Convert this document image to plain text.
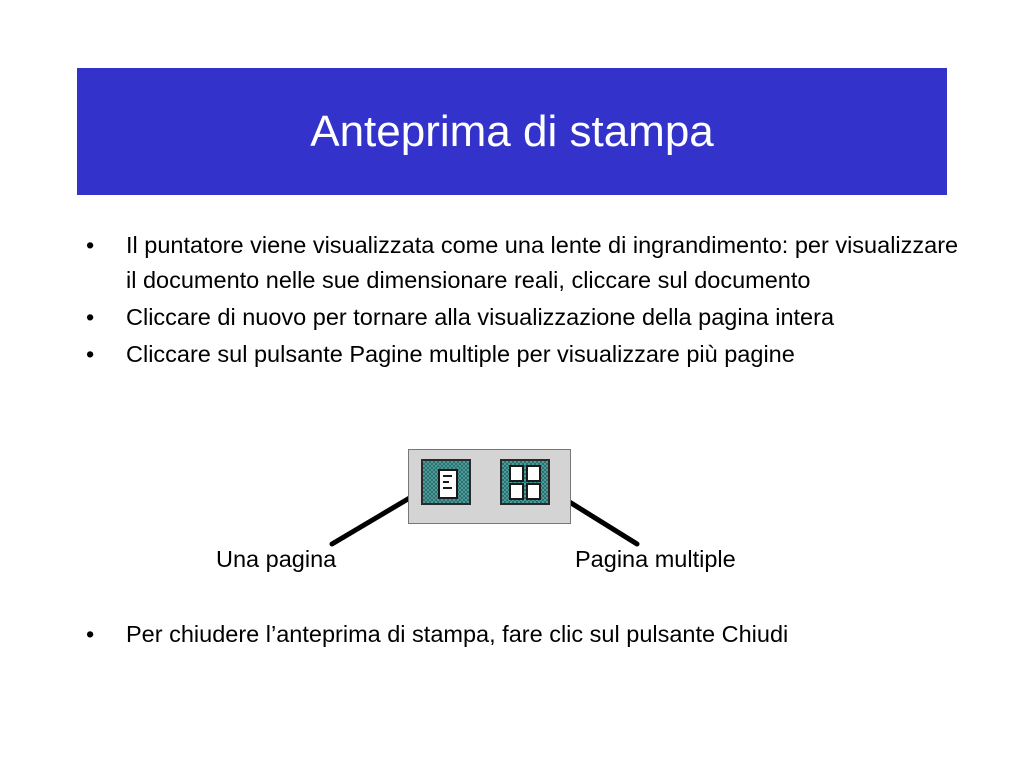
Anteprima di stampa
• Il puntatore viene visualizzata come una lente di ingrandimento: per visualizzare il documento nelle sue dimensionare reali, cliccare sul documento
• Cliccare di nuovo per tornare alla visualizzazione della pagina intera
• Cliccare sul pulsante Pagine multiple per visualizzare più pagine
Una pagina	Pagina multiple
• Per chiudere l’anteprima di stampa, fare clic sul pulsante Chiudi
